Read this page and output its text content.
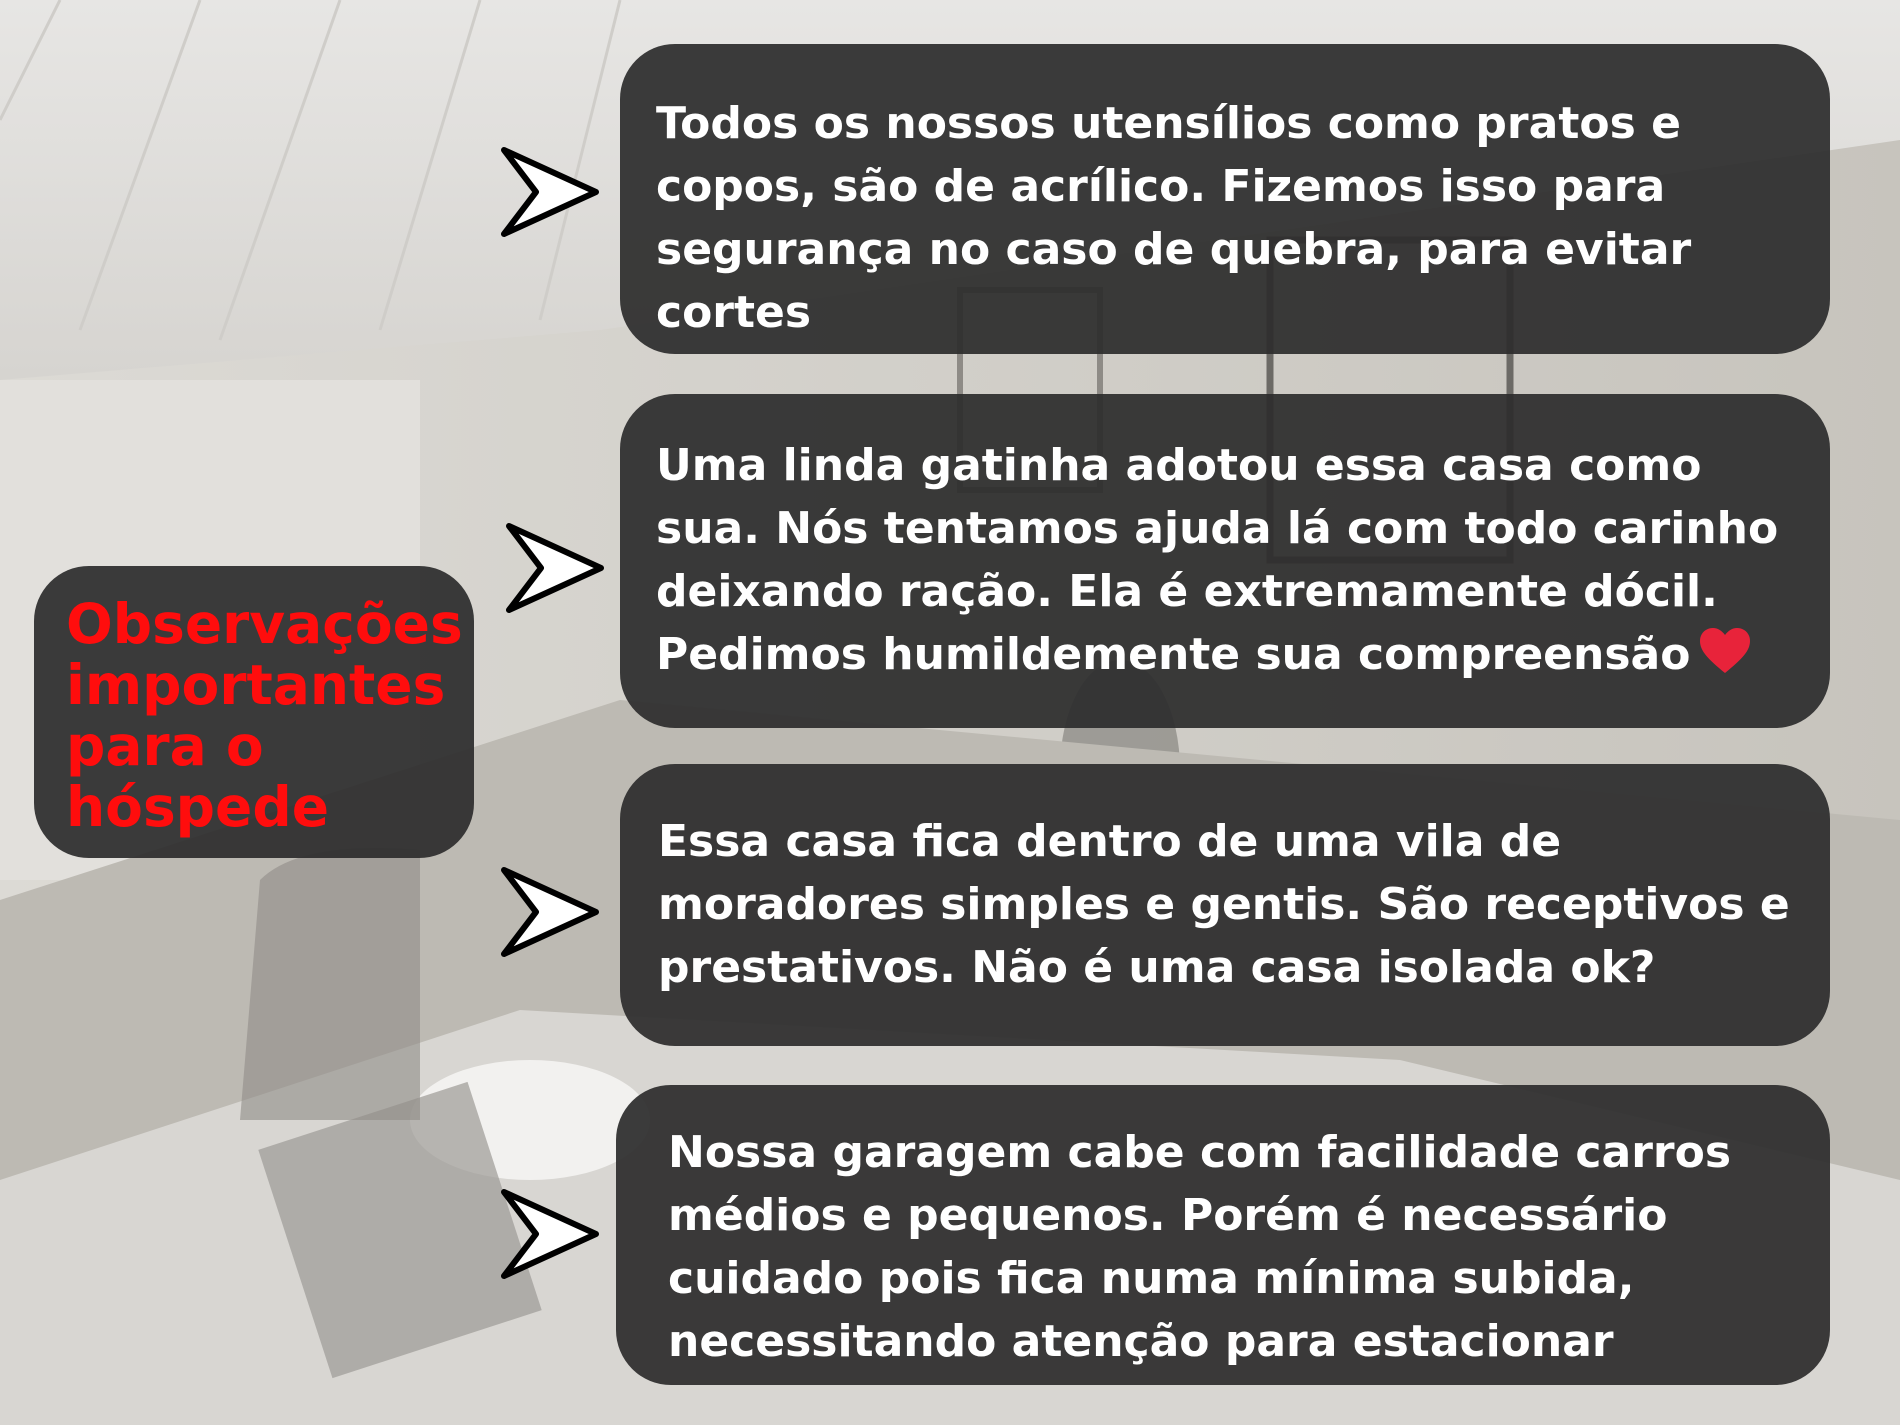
Observações
importantes
para o
hóspede

Todos os nossos utensílios como pratos e
copos, são de acrílico. Fizemos isso para
segurança no caso de quebra, para evitar
cortes

Uma linda gatinha adotou essa casa como
sua. Nós tentamos ajuda lá com todo carinho
deixando ração. Ela é extremamente dócil.
Pedimos humildemente sua compreensão

Essa casa fica dentro de uma vila de
moradores simples e gentis. São receptivos e
prestativos. Não é uma casa isolada ok?

Nossa garagem cabe com facilidade carros
médios e pequenos. Porém é necessário
cuidado pois fica numa mínima subida,
necessitando atenção para estacionar
